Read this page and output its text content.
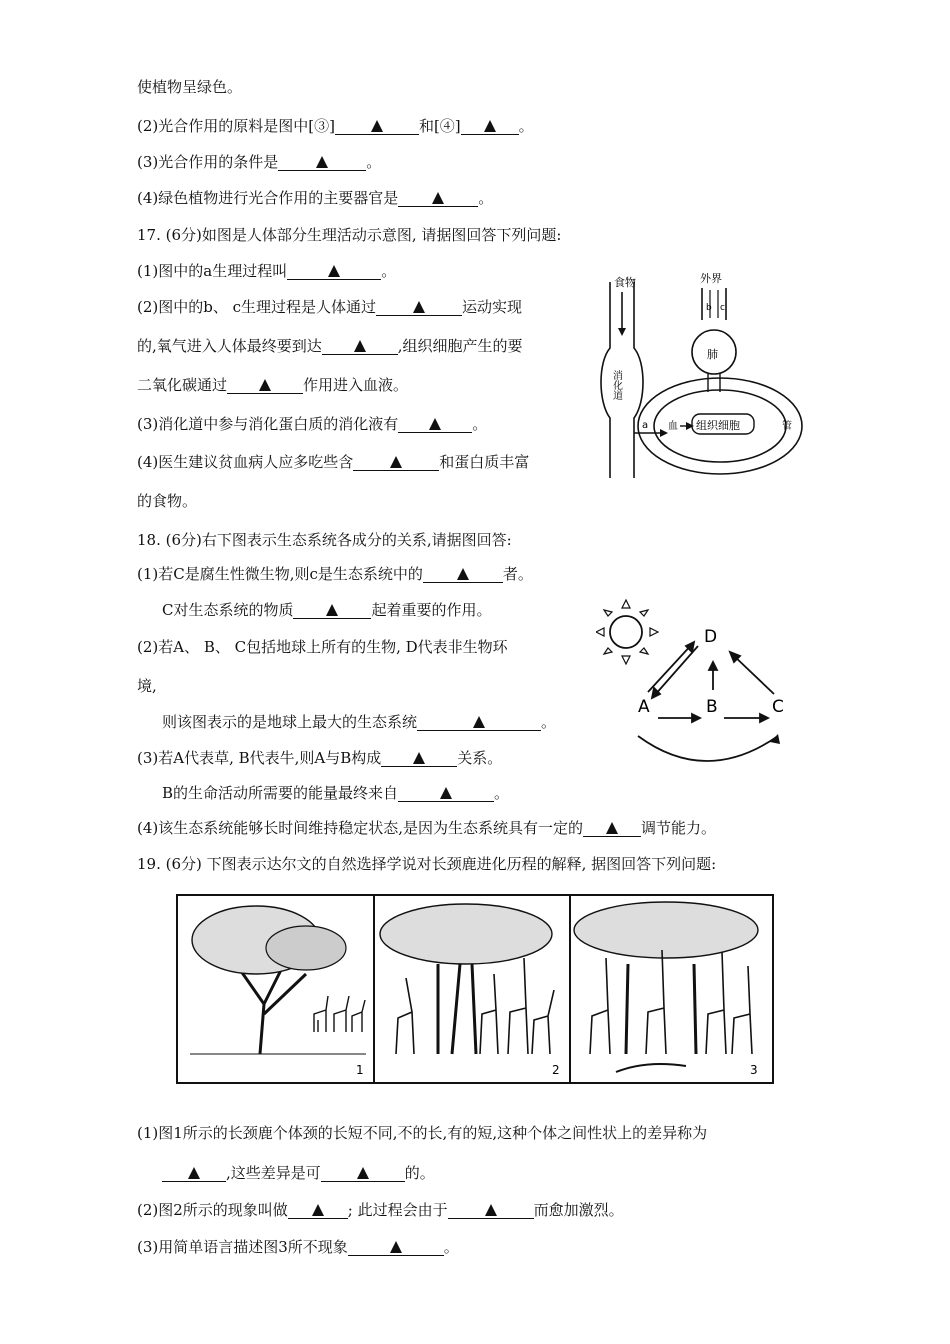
使植物呈绿色。
(2)光合作用的原料是图中[③]	和[④]	。
(3)光合作用的条件是	。
(4)绿色植物进行光合作用的主要器官是	。
17. (6分)如图是人体部分生理活动示意图, 请据图回答下列问题:
(1)图中的a生理过程叫	。
(2)图中的b、 c生理过程是人体通过	运动实现
的,氧气进入人体最终要到达	,组织细胞产生的要
二氧化碳通过	作用进入血液。
(3)消化道中参与消化蛋白质的消化液有	。
(4)医生建议贫血病人应多吃些含	和蛋白质丰富
的食物。
食物
消化道
外界
b c
肺
组织细胞
血	管
a
18. (6分)右下图表示生态系统各成分的关系,请据图回答:
(1)若C是腐生性微生物,则c是生态系统中的	者。
C对生态系统的物质	起着重要的作用。
(2)若A、 B、 C包括地球上所有的生物, D代表非生物环
境,
则该图表示的是地球上最大的生态系统	。
(3)若A代表草, B代表牛,则A与B构成	关系。
B的生命活动所需要的能量最终来自	。
(4)该生态系统能够长时间维持稳定状态,是因为生态系统具有一定的	调节能力。
D
A	B	C
19. (6分) 下图表示达尔文的自然选择学说对长颈鹿进化历程的解释, 据图回答下列问题:
1	2	3
(1)图1所示的长颈鹿个体颈的长短不同,不的长,有的短,这种个体之间性状上的差异称为
,这些差异是可	的。
(2)图2所示的现象叫做	; 此过程会由于	而愈加激烈。
(3)用简单语言描述图3所不现象	。
